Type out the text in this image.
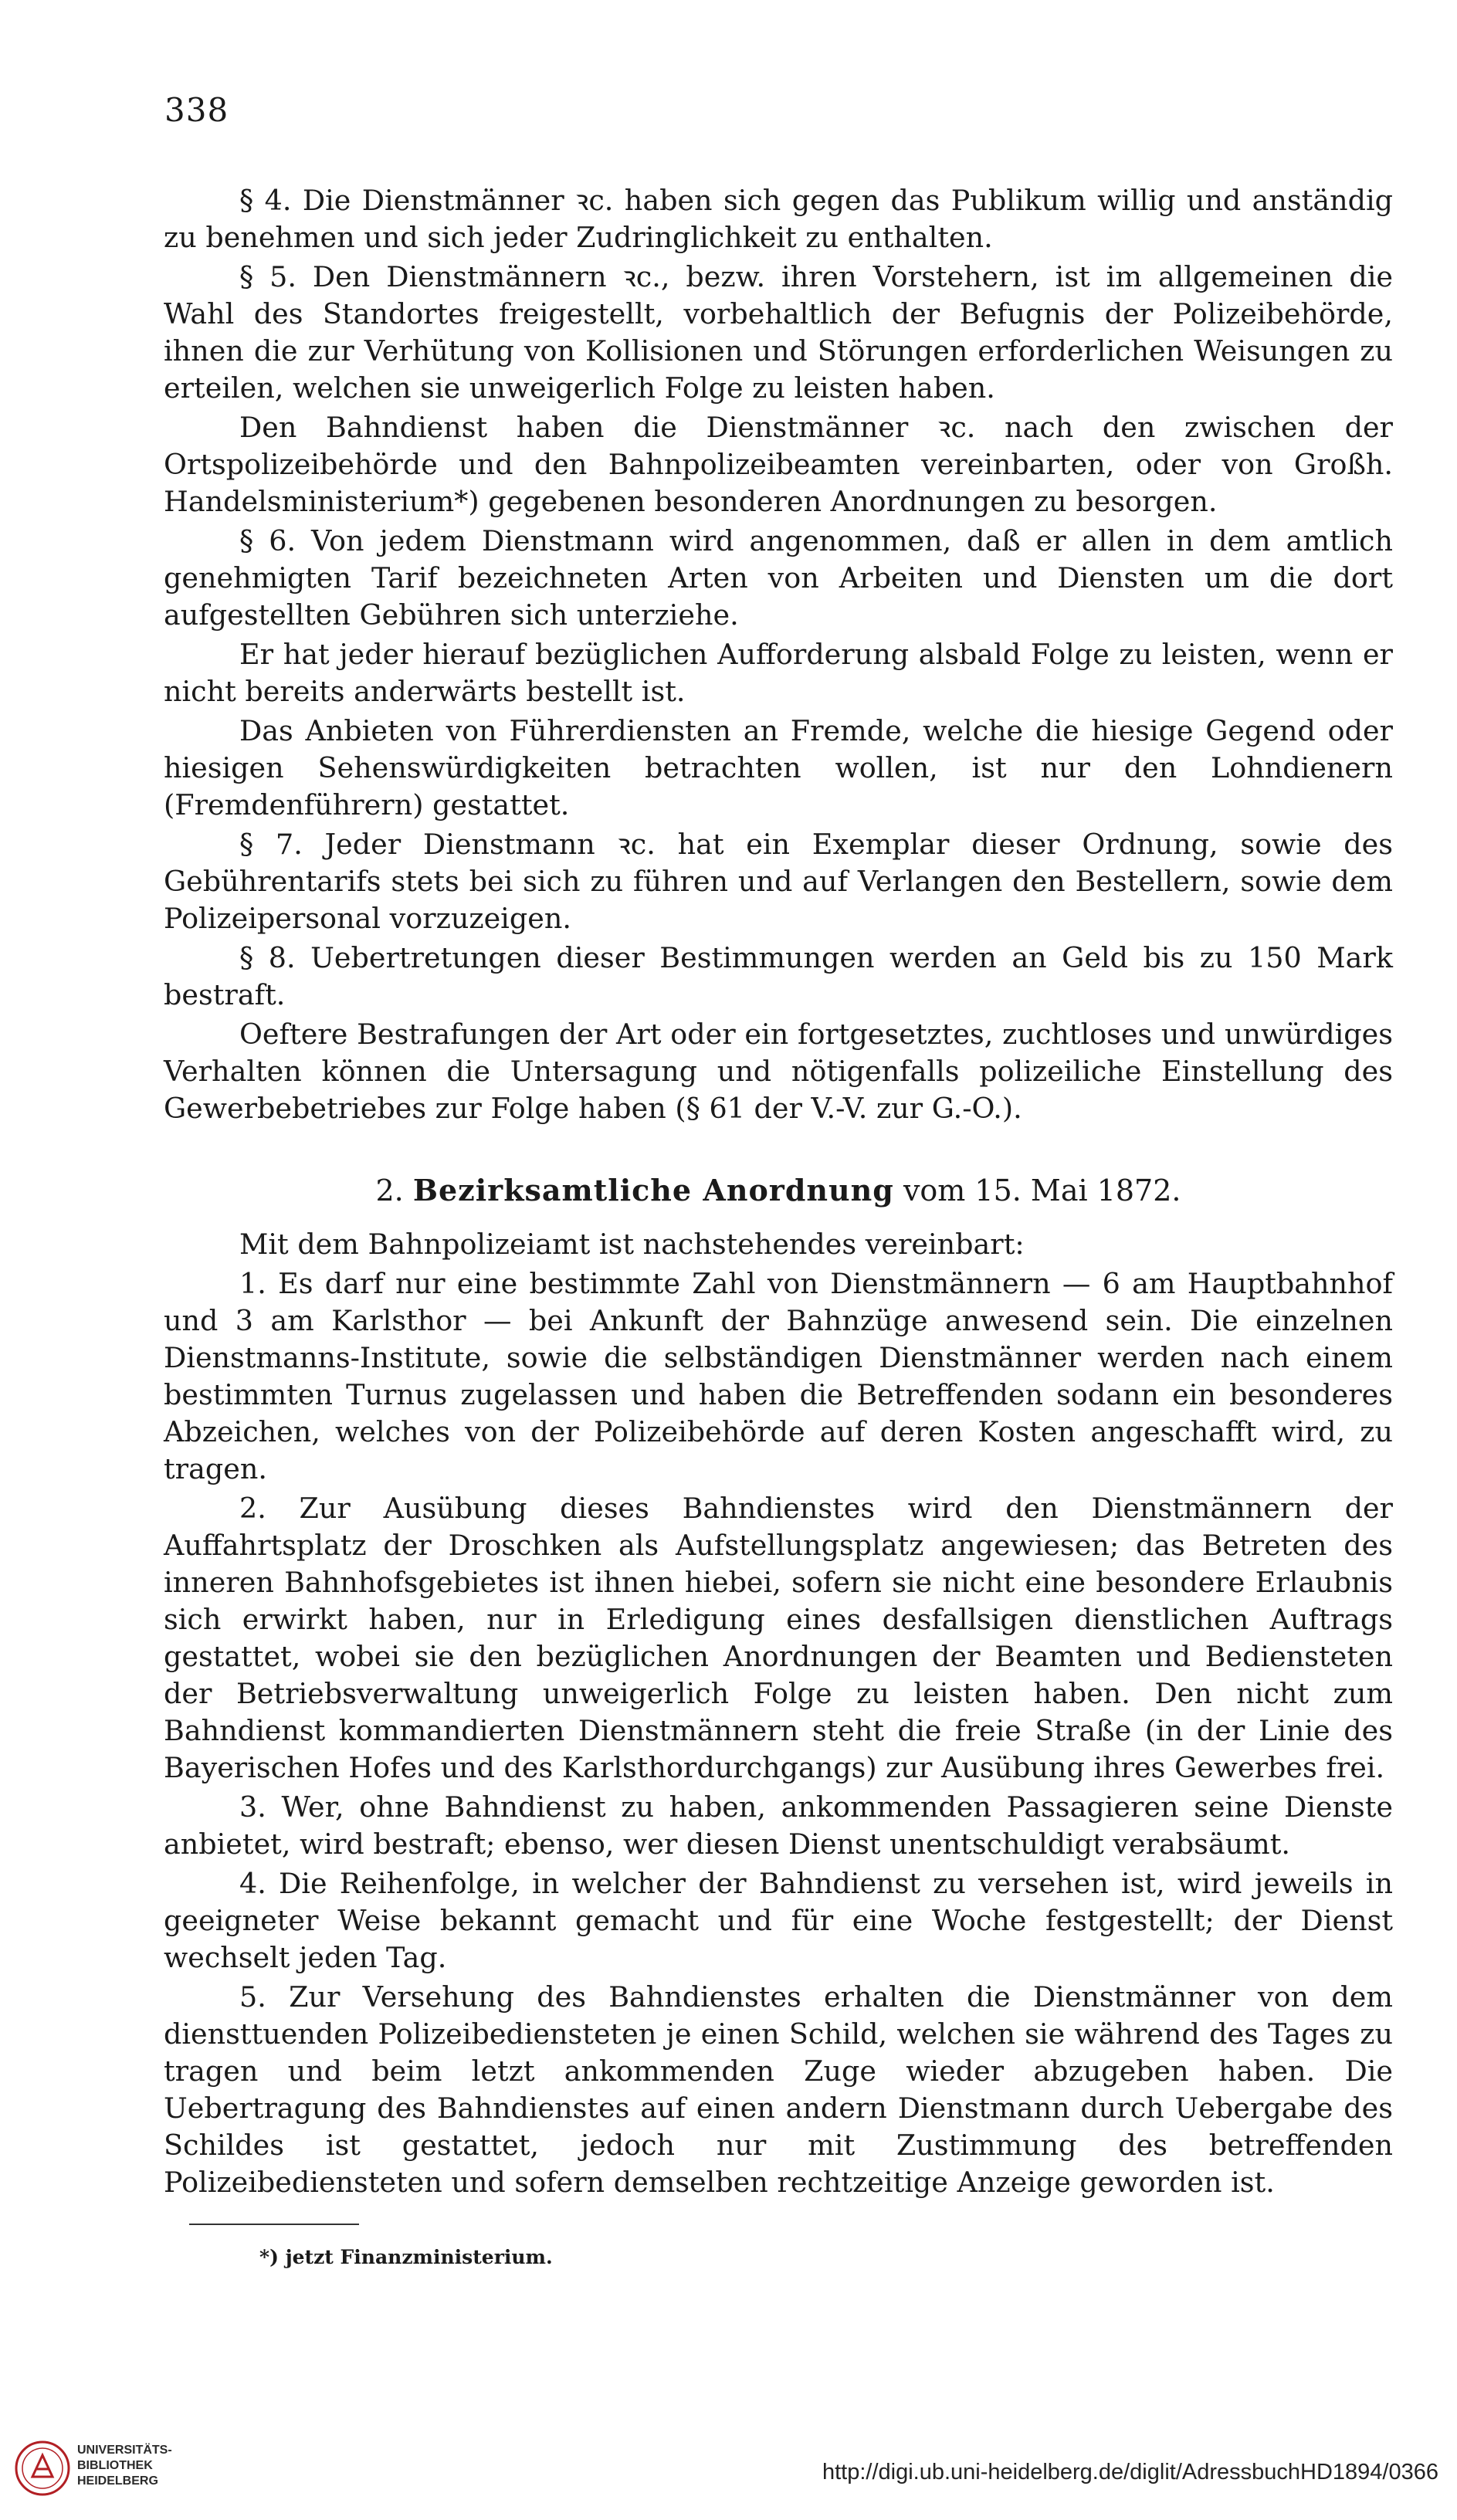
338

§ 4. Die Dienstmänner ꝛc. haben sich gegen das Publikum willig und anständig zu benehmen und sich jeder Zudringlichkeit zu enthalten.

§ 5. Den Dienstmännern ꝛc., bezw. ihren Vorstehern, ist im allgemeinen die Wahl des Standortes freigestellt, vorbehaltlich der Befugnis der Polizeibehörde, ihnen die zur Verhütung von Kollisionen und Störungen erforderlichen Weisungen zu erteilen, welchen sie unweigerlich Folge zu leisten haben.

Den Bahndienst haben die Dienstmänner ꝛc. nach den zwischen der Ortspolizeibehörde und den Bahnpolizeibeamten vereinbarten, oder von Großh. Handelsministerium*) gegebenen besonderen Anordnungen zu besorgen.

§ 6. Von jedem Dienstmann wird angenommen, daß er allen in dem amtlich genehmigten Tarif bezeichneten Arten von Arbeiten und Diensten um die dort aufgestellten Gebühren sich unterziehe.

Er hat jeder hierauf bezüglichen Aufforderung alsbald Folge zu leisten, wenn er nicht bereits anderwärts bestellt ist.

Das Anbieten von Führerdiensten an Fremde, welche die hiesige Gegend oder hiesigen Sehenswürdigkeiten betrachten wollen, ist nur den Lohndienern (Fremdenführern) gestattet.

§ 7. Jeder Dienstmann ꝛc. hat ein Exemplar dieser Ordnung, sowie des Gebührentarifs stets bei sich zu führen und auf Verlangen den Bestellern, sowie dem Polizeipersonal vorzuzeigen.

§ 8. Uebertretungen dieser Bestimmungen werden an Geld bis zu 150 Mark bestraft.

Oeftere Bestrafungen der Art oder ein fortgesetztes, zuchtloses und unwürdiges Verhalten können die Untersagung und nötigenfalls polizeiliche Einstellung des Gewerbebetriebes zur Folge haben (§ 61 der V.-V. zur G.-O.).

2. Bezirksamtliche Anordnung vom 15. Mai 1872.

Mit dem Bahnpolizeiamt ist nachstehendes vereinbart:

1. Es darf nur eine bestimmte Zahl von Dienstmännern — 6 am Hauptbahnhof und 3 am Karlsthor — bei Ankunft der Bahnzüge anwesend sein. Die einzelnen Dienstmanns-Institute, sowie die selbständigen Dienstmänner werden nach einem bestimmten Turnus zugelassen und haben die Betreffenden sodann ein besonderes Abzeichen, welches von der Polizeibehörde auf deren Kosten angeschafft wird, zu tragen.

2. Zur Ausübung dieses Bahndienstes wird den Dienstmännern der Auffahrtsplatz der Droschken als Aufstellungsplatz angewiesen; das Betreten des inneren Bahnhofsgebietes ist ihnen hiebei, sofern sie nicht eine besondere Erlaubnis sich erwirkt haben, nur in Erledigung eines desfallsigen dienstlichen Auftrags gestattet, wobei sie den bezüglichen Anordnungen der Beamten und Bediensteten der Betriebsverwaltung unweigerlich Folge zu leisten haben. Den nicht zum Bahndienst kommandierten Dienstmännern steht die freie Straße (in der Linie des Bayerischen Hofes und des Karlsthordurchgangs) zur Ausübung ihres Gewerbes frei.

3. Wer, ohne Bahndienst zu haben, ankommenden Passagieren seine Dienste anbietet, wird bestraft; ebenso, wer diesen Dienst unentschuldigt verabsäumt.

4. Die Reihenfolge, in welcher der Bahndienst zu versehen ist, wird jeweils in geeigneter Weise bekannt gemacht und für eine Woche festgestellt; der Dienst wechselt jeden Tag.

5. Zur Versehung des Bahndienstes erhalten die Dienstmänner von dem diensttuenden Polizeibediensteten je einen Schild, welchen sie während des Tages zu tragen und beim letzt ankommenden Zuge wieder abzugeben haben. Die Uebertragung des Bahndienstes auf einen andern Dienstmann durch Uebergabe des Schildes ist gestattet, jedoch nur mit Zustimmung des betreffenden Polizeibediensteten und sofern demselben rechtzeitige Anzeige geworden ist.

*) jetzt Finanzministerium.
UNIVERSITÄTS-
BIBLIOTHEK
HEIDELBERG	http://digi.ub.uni-heidelberg.de/diglit/AdressbuchHD1894/0366
